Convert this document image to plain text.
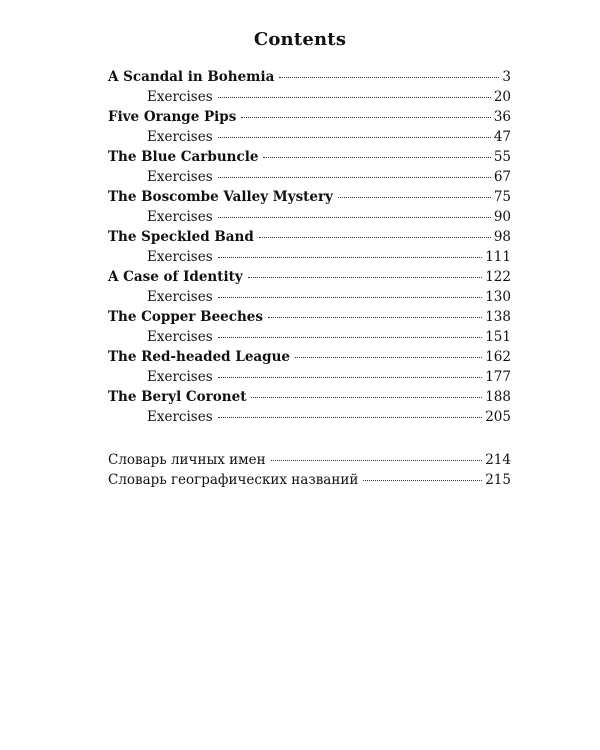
Contents
A Scandal in Bohemia	3
Exercises	20
Five Orange Pips	36
Exercises	47
The Blue Carbuncle	55
Exercises	67
The Boscombe Valley Mystery	75
Exercises	90
The Speckled Band	98
Exercises	111
A Case of Identity	122
Exercises	130
The Copper Beeches	138
Exercises	151
The Red-headed League	162
Exercises	177
The Beryl Coronet	188
Exercises	205
Словарь личных имен	214
Словарь географических названий	215
